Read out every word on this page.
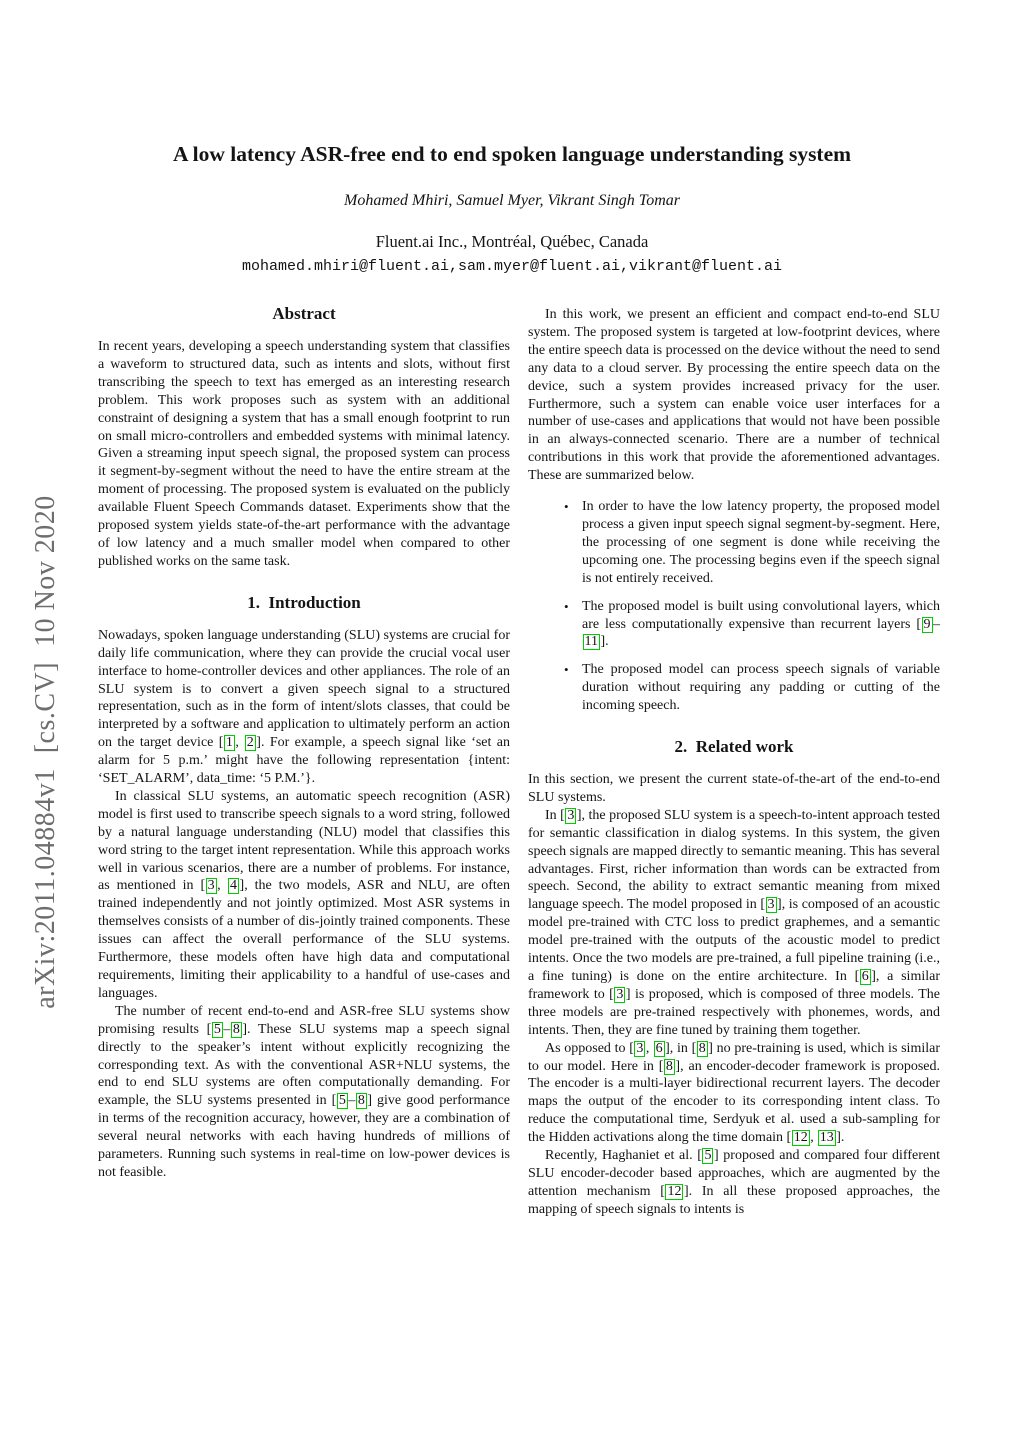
arXiv:2011.04884v1  [cs.CV]  10 Nov 2020
A low latency ASR-free end to end spoken language understanding system
Mohamed Mhiri, Samuel Myer, Vikrant Singh Tomar
Fluent.ai Inc., Montréal, Québec, Canada
mohamed.mhiri@fluent.ai,sam.myer@fluent.ai,vikrant@fluent.ai
Abstract

In recent years, developing a speech understanding system that classifies a waveform to structured data, such as intents and slots, without first transcribing the speech to text has emerged as an interesting research problem. This work proposes such as system with an additional constraint of designing a system that has a small enough footprint to run on small micro-controllers and embedded systems with minimal latency. Given a streaming input speech signal, the proposed system can process it segment-by-segment without the need to have the entire stream at the moment of processing. The proposed system is evaluated on the publicly available Fluent Speech Commands dataset. Experiments show that the proposed system yields state-of-the-art performance with the advantage of low latency and a much smaller model when compared to other published works on the same task.

1.  Introduction

Nowadays, spoken language understanding (SLU) systems are crucial for daily life communication, where they can provide the crucial vocal user interface to home-controller devices and other appliances. The role of an SLU system is to convert a given speech signal to a structured representation, such as in the form of intent/slots classes, that could be interpreted by a software and application to ultimately perform an action on the target device [ 1 , 2 ]. For example, a speech signal like ‘set an alarm for 5 p.m.’ might have the following representation {intent: ‘SET_ALARM’, data_time: ‘5 P.M.’}.

In classical SLU systems, an automatic speech recognition (ASR) model is first used to transcribe speech signals to a word string, followed by a natural language understanding (NLU) model that classifies this word string to the target intent representation. While this approach works well in various scenarios, there are a number of problems. For instance, as mentioned in [ 3 , 4 ], the two models, ASR and NLU, are often trained independently and not jointly optimized. Most ASR systems in themselves consists of a number of dis-jointly trained components. These issues can affect the overall performance of the SLU systems. Furthermore, these models often have high data and computational requirements, limiting their applicability to a handful of use-cases and languages.

The number of recent end-to-end and ASR-free SLU systems show promising results [ 5 – 8 ]. These SLU systems map a speech signal directly to the speaker’s intent without explicitly recognizing the corresponding text. As with the conventional ASR+NLU systems, the end to end SLU systems are often computationally demanding. For example, the SLU systems presented in [ 5 – 8 ] give good performance in terms of the recognition accuracy, however, they are a combination of several neural networks with each having hundreds of millions of parameters. Running such systems in real-time on low-power devices is not feasible.

In this work, we present an efficient and compact end-to-end SLU system. The proposed system is targeted at low-footprint devices, where the entire speech data is processed on the device without the need to send any data to a cloud server. By processing the entire speech data on the device, such a system provides increased privacy for the user. Furthermore, such a system can enable voice user interfaces for a number of use-cases and applications that would not have been possible in an always-connected scenario. There are a number of technical contributions in this work that provide the aforementioned advantages. These are summarized below.

• In order to have the low latency property, the proposed model process a given input speech signal segment-by-segment. Here, the processing of one segment is done while receiving the upcoming one. The processing begins even if the speech signal is not entirely received.
• The proposed model is built using convolutional layers, which are less computationally expensive than recurrent layers [ 9 –11 ].
• The proposed model can process speech signals of variable duration without requiring any padding or cutting of the incoming speech.
2.  Related work

In this section, we present the current state-of-the-art of the end-to-end SLU systems.

In [ 3 ], the proposed SLU system is a speech-to-intent approach tested for semantic classification in dialog systems. In this system, the given speech signals are mapped directly to semantic meaning. This has several advantages. First, richer information than words can be extracted from speech. Second, the ability to extract semantic meaning from mixed language speech. The model proposed in [ 3 ], is composed of an acoustic model pre-trained with CTC loss to predict graphemes, and a semantic model pre-trained with the outputs of the acoustic model to predict intents. Once the two models are pre-trained, a full pipeline training (i.e., a fine tuning) is done on the entire architecture. In [ 6 ], a similar framework to [ 3 ] is proposed, which is composed of three models. The three models are pre-trained respectively with phonemes, words, and intents. Then, they are fine tuned by training them together.

As opposed to [ 3 , 6 ], in [ 8 ] no pre-training is used, which is similar to our model. Here in [ 8 ], an encoder-decoder framework is proposed. The encoder is a multi-layer bidirectional recurrent layers. The decoder maps the output of the encoder to its corresponding intent class. To reduce the computational time, Serdyuk et al. used a sub-sampling for the Hidden activations along the time domain [ 12 , 13 ].

Recently, Haghaniet et al. [ 5 ] proposed and compared four different SLU encoder-decoder based approaches, which are augmented by the attention mechanism [ 12 ]. In all these proposed approaches, the mapping of speech signals to intents is
